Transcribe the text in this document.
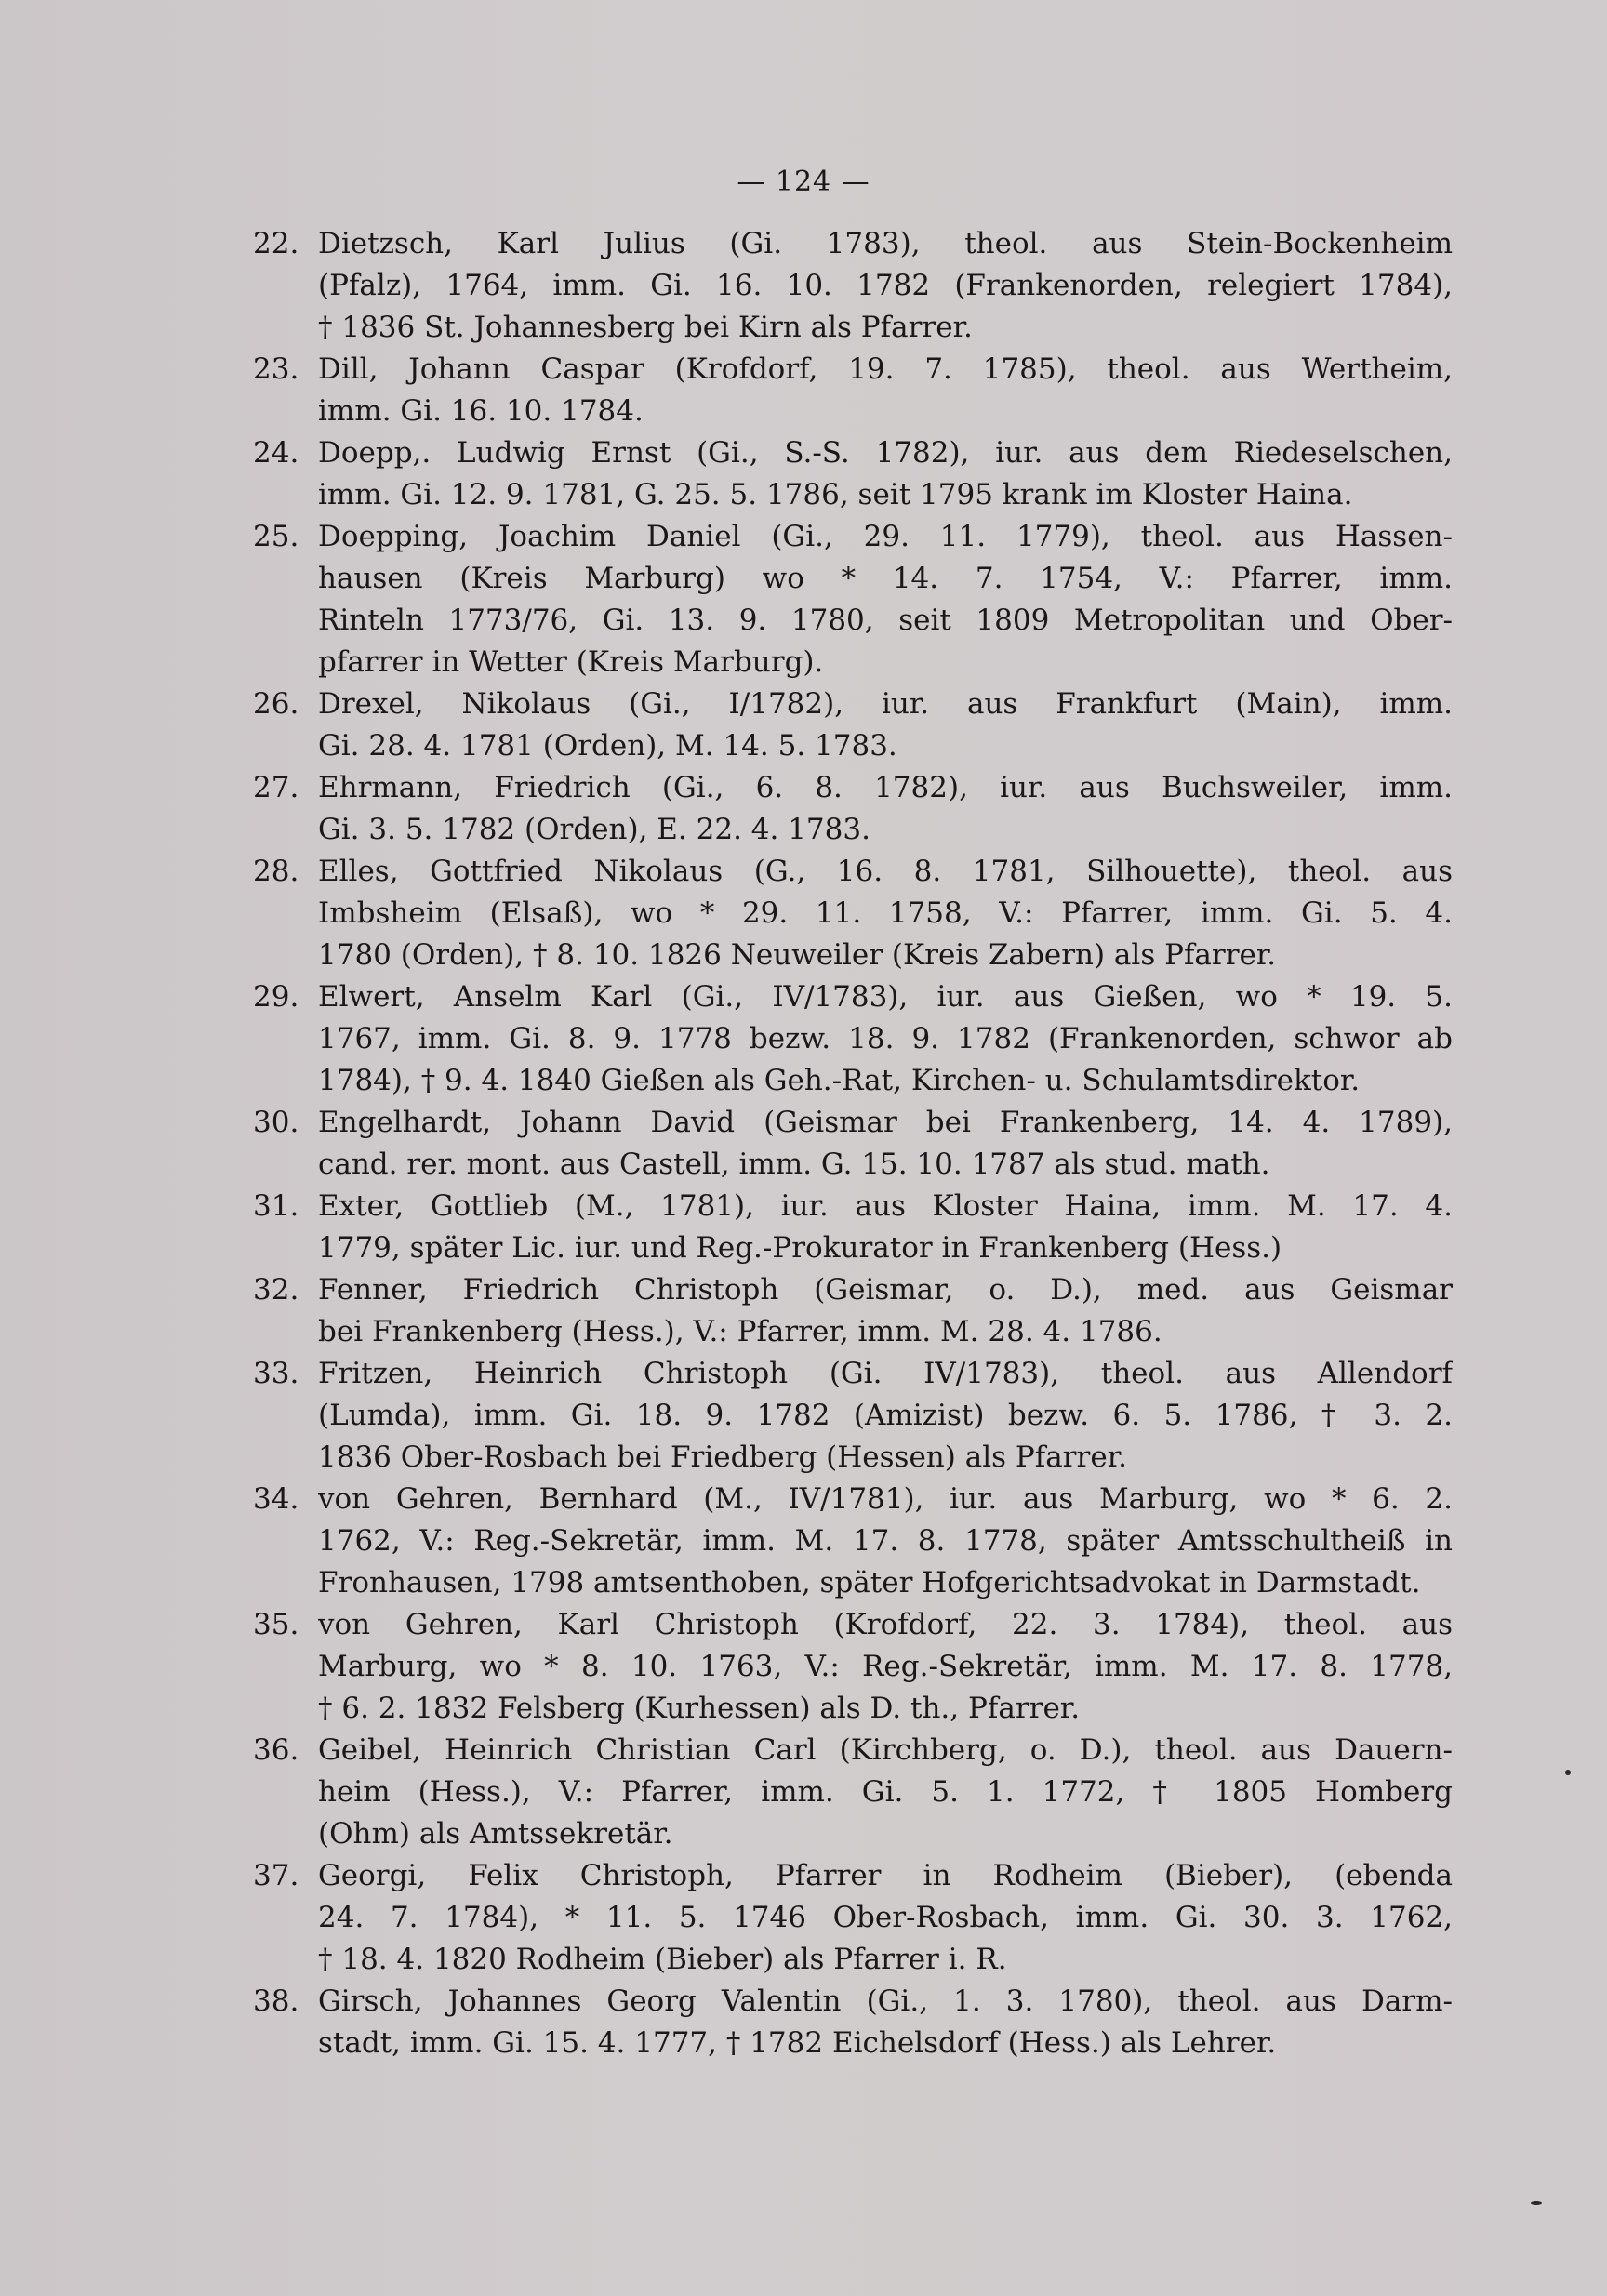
— 124 —
22. Dietzsch, Karl Julius (Gi. 1783), theol. aus Stein-Bockenheim
(Pfalz), 1764, imm. Gi. 16. 10. 1782 (Frankenorden, relegiert 1784),
† 1836 St. Johannesberg bei Kirn als Pfarrer.
23. Dill, Johann Caspar (Krofdorf, 19. 7. 1785), theol. aus Wertheim,
imm. Gi. 16. 10. 1784.
24. Doepp,. Ludwig Ernst (Gi., S.-S. 1782), iur. aus dem Riedeselschen,
imm. Gi. 12. 9. 1781, G. 25. 5. 1786, seit 1795 krank im Kloster Haina.
25. Doepping, Joachim Daniel (Gi., 29. 11. 1779), theol. aus Hassen-
hausen (Kreis Marburg) wo * 14. 7. 1754, V.: Pfarrer, imm.
Rinteln 1773/76, Gi. 13. 9. 1780, seit 1809 Metropolitan und Ober-
pfarrer in Wetter (Kreis Marburg).
26. Drexel, Nikolaus (Gi., I/1782), iur. aus Frankfurt (Main), imm.
Gi. 28. 4. 1781 (Orden), M. 14. 5. 1783.
27. Ehrmann, Friedrich (Gi., 6. 8. 1782), iur. aus Buchsweiler, imm.
Gi. 3. 5. 1782 (Orden), E. 22. 4. 1783.
28. Elles, Gottfried Nikolaus (G., 16. 8. 1781, Silhouette), theol. aus
Imbsheim (Elsaß), wo * 29. 11. 1758, V.: Pfarrer, imm. Gi. 5. 4.
1780 (Orden), † 8. 10. 1826 Neuweiler (Kreis Zabern) als Pfarrer.
29. Elwert, Anselm Karl (Gi., IV/1783), iur. aus Gießen, wo * 19. 5.
1767, imm. Gi. 8. 9. 1778 bezw. 18. 9. 1782 (Frankenorden, schwor ab
1784), † 9. 4. 1840 Gießen als Geh.-Rat, Kirchen- u. Schulamtsdirektor.
30. Engelhardt, Johann David (Geismar bei Frankenberg, 14. 4. 1789),
cand. rer. mont. aus Castell, imm. G. 15. 10. 1787 als stud. math.
31. Exter, Gottlieb (M., 1781), iur. aus Kloster Haina, imm. M. 17. 4.
1779, später Lic. iur. und Reg.-Prokurator in Frankenberg (Hess.)
32. Fenner, Friedrich Christoph (Geismar, o. D.), med. aus Geismar
bei Frankenberg (Hess.), V.: Pfarrer, imm. M. 28. 4. 1786.
33. Fritzen, Heinrich Christoph (Gi. IV/1783), theol. aus Allendorf
(Lumda), imm. Gi. 18. 9. 1782 (Amizist) bezw. 6. 5. 1786, † 3. 2.
1836 Ober-Rosbach bei Friedberg (Hessen) als Pfarrer.
34. von Gehren, Bernhard (M., IV/1781), iur. aus Marburg, wo * 6. 2.
1762, V.: Reg.-Sekretär, imm. M. 17. 8. 1778, später Amtsschultheiß in
Fronhausen, 1798 amtsenthoben, später Hofgerichtsadvokat in Darmstadt.
35. von Gehren, Karl Christoph (Krofdorf, 22. 3. 1784), theol. aus
Marburg, wo * 8. 10. 1763, V.: Reg.-Sekretär, imm. M. 17. 8. 1778,
† 6. 2. 1832 Felsberg (Kurhessen) als D. th., Pfarrer.
36. Geibel, Heinrich Christian Carl (Kirchberg, o. D.), theol. aus Dauern-
heim (Hess.), V.: Pfarrer, imm. Gi. 5. 1. 1772, † 1805 Homberg
(Ohm) als Amtssekretär.
37. Georgi, Felix Christoph, Pfarrer in Rodheim (Bieber), (ebenda
24. 7. 1784), * 11. 5. 1746 Ober-Rosbach, imm. Gi. 30. 3. 1762,
† 18. 4. 1820 Rodheim (Bieber) als Pfarrer i. R.
38. Girsch, Johannes Georg Valentin (Gi., 1. 3. 1780), theol. aus Darm-
stadt, imm. Gi. 15. 4. 1777, † 1782 Eichelsdorf (Hess.) als Lehrer.
